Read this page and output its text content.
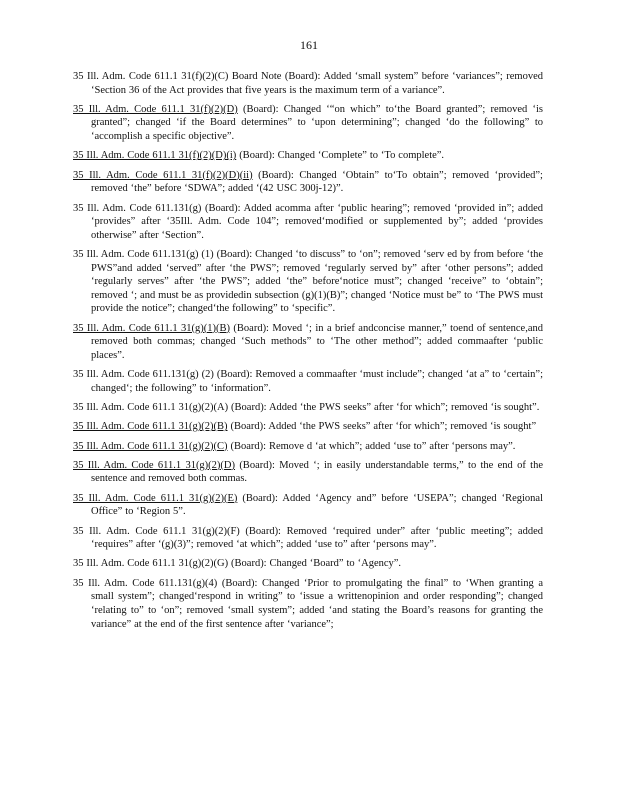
161

35 Ill. Adm. Code 611.1 31(f)(2)(C) Board Note (Board): Added ‘small system” before ‘variances”; removed ‘Section 36 of the Act provides that five years is the maximum term of a variance”.

35 Ill. Adm. Code 611.1 31(f)(2)(D) (Board): Changed ‘“on which” to‘the Board granted”; removed ‘is granted”; changed ‘if the Board determines” to ‘upon determining”; changed ‘do the following” to ‘accomplish a specific objective”.

35 Ill. Adm. Code 611.1 31(f)(2)(D)(i) (Board): Changed ‘Complete” to ‘To complete”.

35 Ill. Adm. Code 611.1 31(f)(2)(D)(ii) (Board): Changed ‘Obtain” to‘To obtain”; removed ‘provided”; removed ‘the” before ‘SDWA”; added ‘(42 USC 300j-12)”.

35 Ill. Adm. Code 611.131(g) (Board): Added acomma after ‘public hearing”; removed ‘provided in”; added ‘provides” after ‘35Ill. Adm. Code 104”; removed‘modified or supplemented by”; added ‘provides otherwise” after ‘Section”.

35 Ill. Adm. Code 611.131(g) (1) (Board): Changed ‘to discuss” to ‘on”; removed ‘serv ed by from before ‘the PWS”and added ‘served” after ‘the PWS”; removed ‘regularly served by” after ‘other persons”; added ‘regularly serves” after ‘the PWS”; added ‘the” before‘notice must”; changed ‘receive” to ‘obtain”; removed ‘; and must be as providedin subsection (g)(1)(B)”; changed ‘Notice must be” to ‘The PWS must provide the notice”; changed‘the following” to ‘specific”.

35 Ill. Adm. Code 611.1 31(g)(1)(B) (Board): Moved ‘; in a brief andconcise manner,” toend of sentence,and removed both commas; changed ‘Such methods” to ‘The other method”; added commaafter ‘public places”.

35 Ill. Adm. Code 611.131(g) (2) (Board): Removed a commaafter ‘must include”; changed ‘at a” to ‘certain”; changed‘; the following” to ‘information”.

35 Ill. Adm. Code 611.1 31(g)(2)(A) (Board): Added ‘the PWS seeks” after ‘for which”; removed ‘is sought”.

35 Ill. Adm. Code 611.1 31(g)(2)(B) (Board): Added ‘the PWS seeks” after ‘for which”; removed ‘is sought”

35 Ill. Adm. Code 611.1 31(g)(2)(C) (Board): Remove d ‘at which”; added ‘use to” after ‘persons may”.

35 Ill. Adm. Code 611.1 31(g)(2)(D) (Board): Moved ‘; in easily understandable terms,” to the end of the sentence and removed both commas.

35 Ill. Adm. Code 611.1 31(g)(2)(E) (Board): Added ‘Agency and” before ‘USEPA”; changed ‘Regional Office” to ‘Region 5”.

35 Ill. Adm. Code 611.1 31(g)(2)(F) (Board): Removed ‘required under” after ‘public meeting”; added ‘requires” after ‘(g)(3)”; removed ‘at which”; added ‘use to” after ‘persons may”.

35 Ill. Adm. Code 611.1 31(g)(2)(G) (Board): Changed ‘Board” to ‘Agency”.

35 Ill. Adm. Code 611.131(g)(4) (Board): Changed ‘Prior to promulgating the final” to ‘When granting a small system”; changed‘respond in writing” to ‘issue a writtenopinion and order responding”; changed ‘relating to” to ‘on”; removed ‘small system”; added ‘and stating the Board’s reasons for granting the variance” at the end of the first sentence after ‘variance”;
